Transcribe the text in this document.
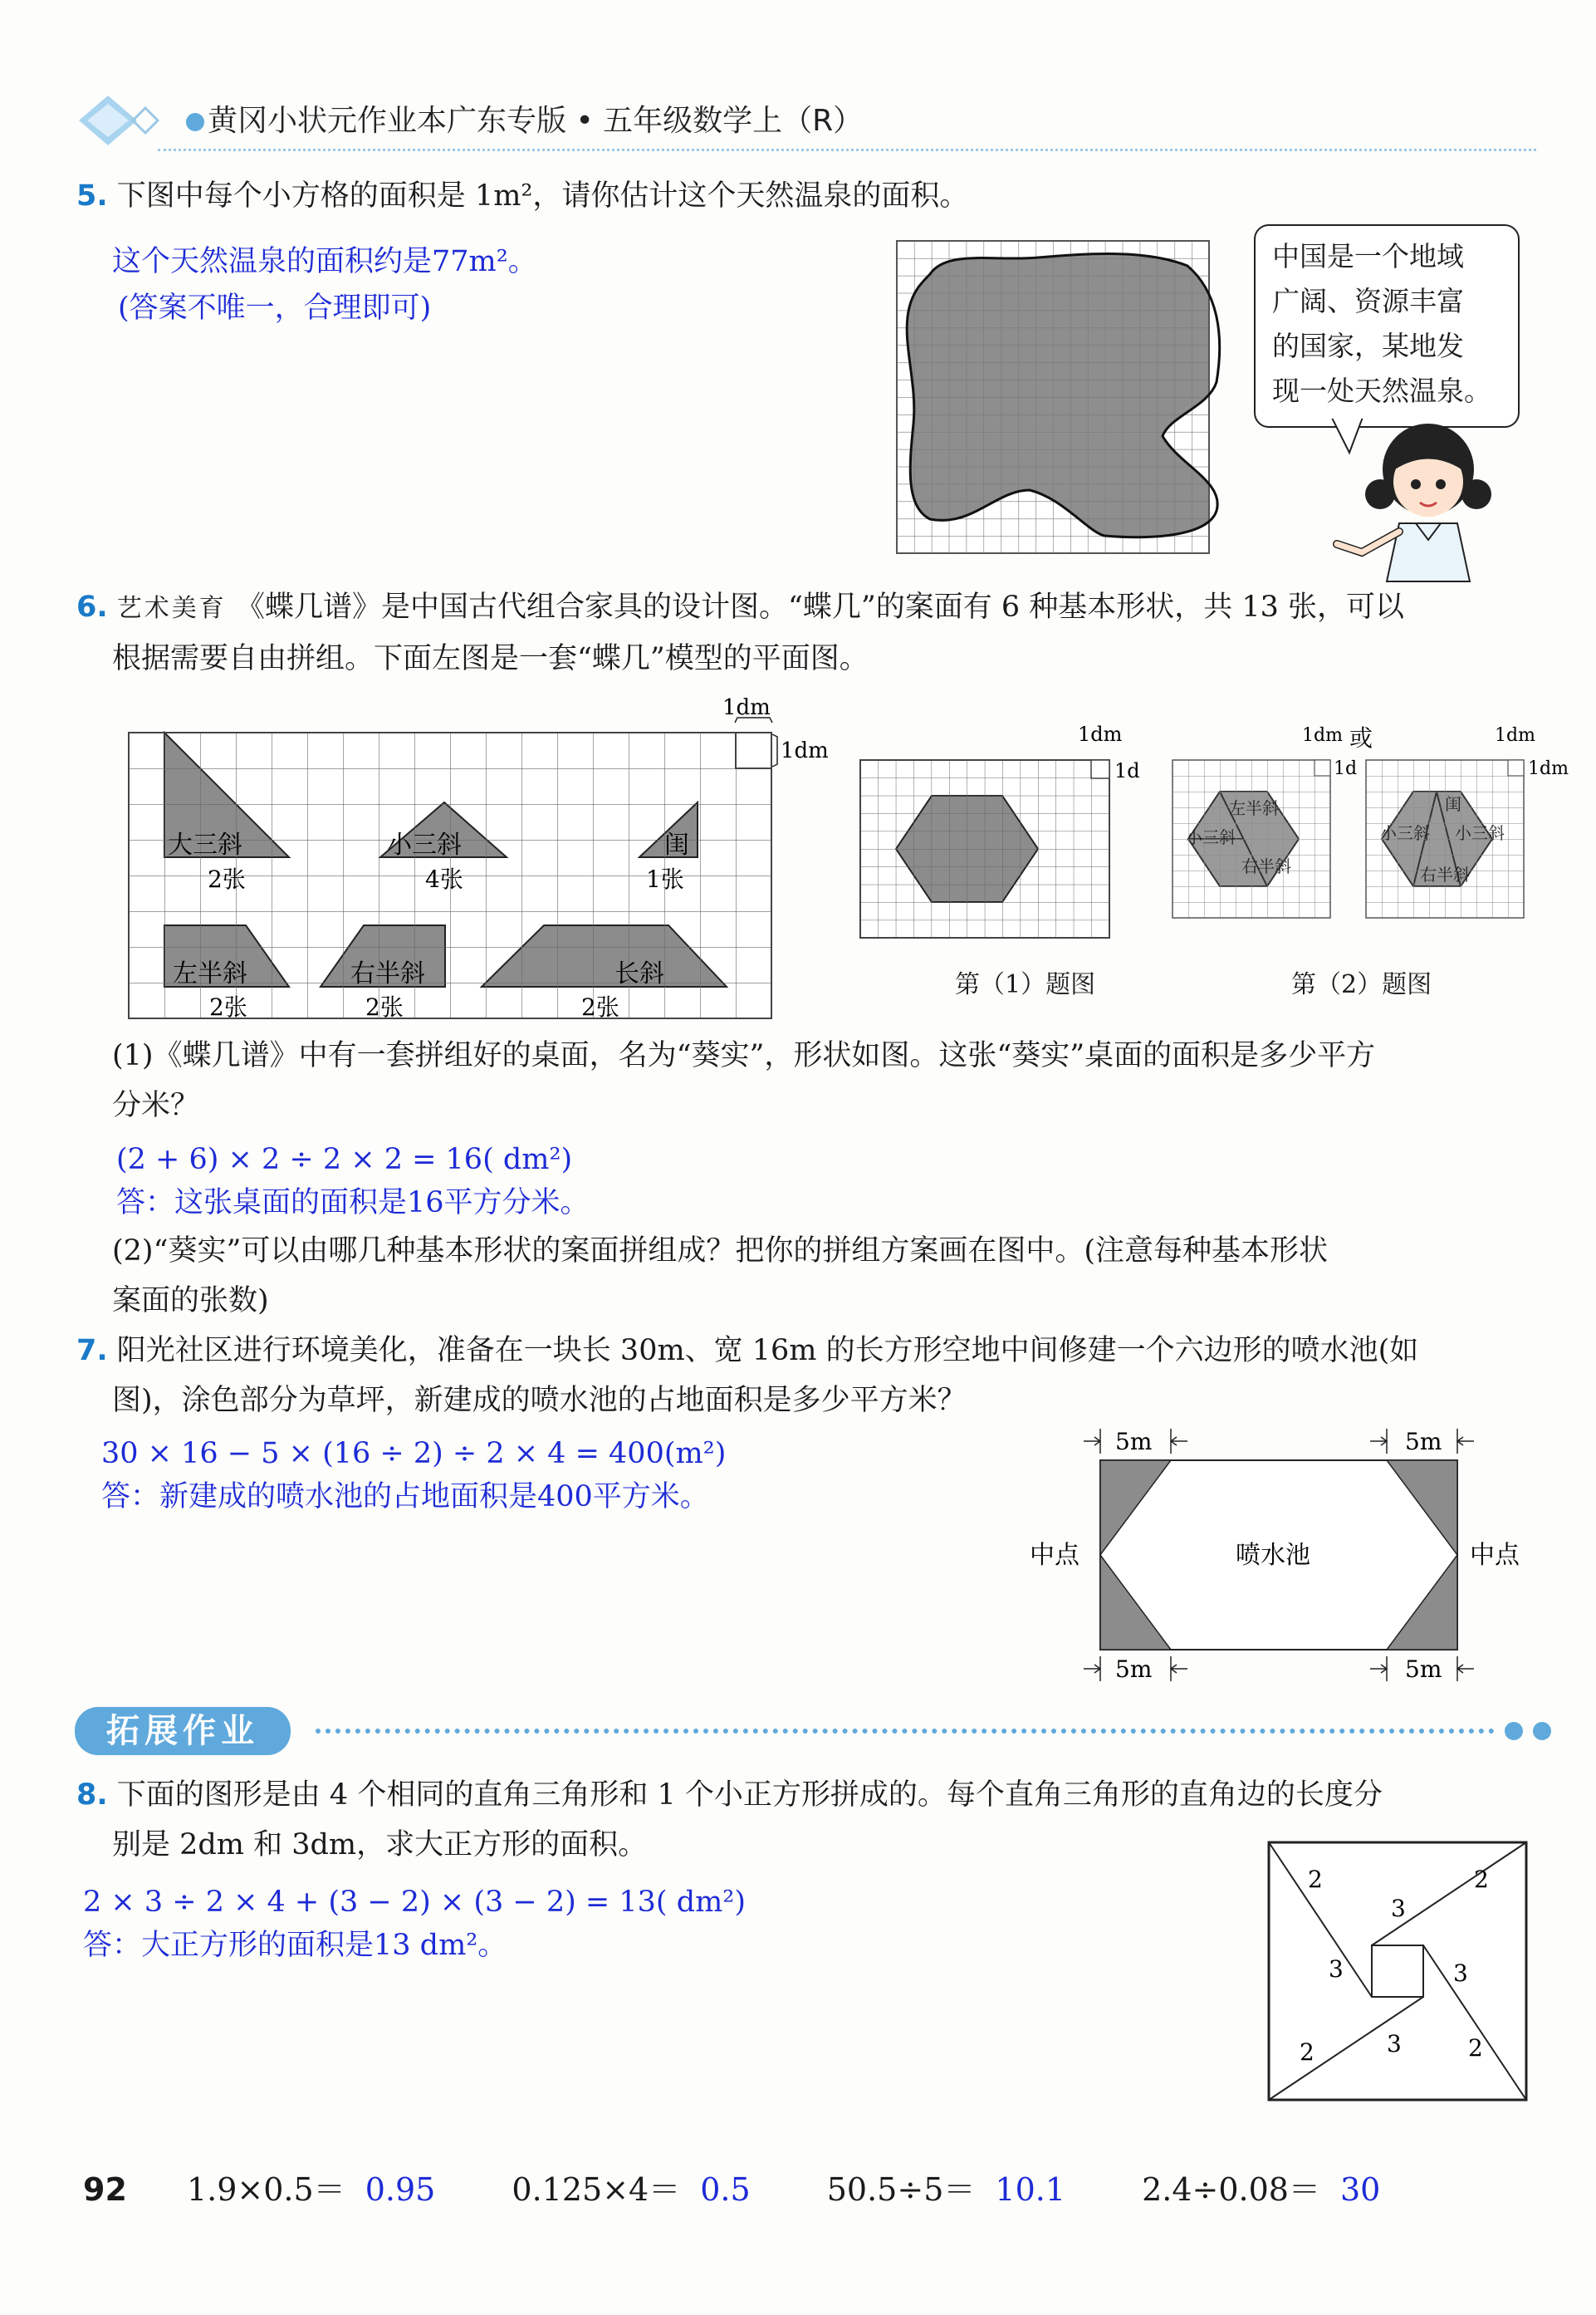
黄冈小状元作业本广东专版 • 五年级数学上（R）
5. 下图中每个小方格的面积是 1m²，请你估计这个天然温泉的面积。
这个天然温泉的面积约是77m²。
(答案不唯一，合理即可)
中国是一个地域
广阔、资源丰富
的国家，某地发
现一处天然温泉。
6. 艺术美育 《蝶几谱》是中国古代组合家具的设计图。“蝶几”的案面有 6 种基本形状，共 13 张，可以
根据需要自由拼组。下面左图是一套“蝶几”模型的平面图。
1dm
1dm
大三斜
2张
小三斜
4张
闺
1张
左半斜
2张
右半斜
2张
长斜
2张
1dm
1d
第（1）题图
1dm
1d
或
左半斜
小三斜
右半斜
1dm
1dm
闺
小三斜 小三斜
右半斜
第（2）题图
(1)《蝶几谱》中有一套拼组好的桌面，名为“葵实”，形状如图。这张“葵实”桌面的面积是多少平方
分米？
(2 + 6) × 2 ÷ 2 × 2 = 16( dm²)
答：这张桌面的面积是16平方分米。
(2)“葵实”可以由哪几种基本形状的案面拼组成？把你的拼组方案画在图中。(注意每种基本形状
案面的张数)
7. 阳光社区进行环境美化，准备在一块长 30m、宽 16m 的长方形空地中间修建一个六边形的喷水池(如
图)，涂色部分为草坪，新建成的喷水池的占地面积是多少平方米？
30 × 16 − 5 × (16 ÷ 2) ÷ 2 × 4 = 400(m²)
答：新建成的喷水池的占地面积是400平方米。
5m	5m
5m	5m
中点	中点
喷水池
拓展作业
8. 下面的图形是由 4 个相同的直角三角形和 1 个小正方形拼成的。每个直角三角形的直角边的长度分
别是 2dm 和 3dm，求大正方形的面积。
2 × 3 ÷ 2 × 4 + (3 − 2) × (3 − 2) = 13( dm²)
答：大正方形的面积是13 dm²。
2
3
2
3	3
2	3	2
92 1.9×0.5＝ 0.95 0.125×4＝ 0.5 50.5÷5＝ 10.1 2.4÷0.08＝ 30
